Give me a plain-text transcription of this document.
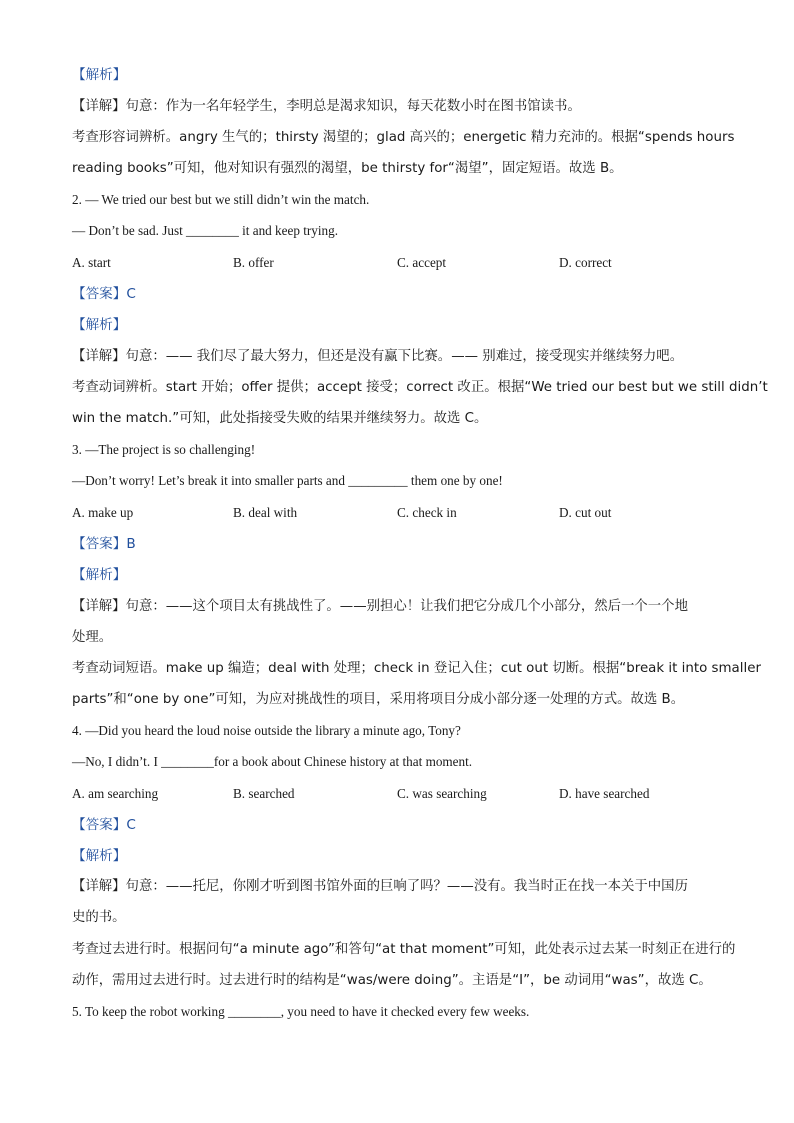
【解析】
【详解】句意：作为一名年轻学生，李明总是渴求知识，每天花数小时在图书馆读书。
考查形容词辨析。angry 生气的；thirsty 渴望的；glad 高兴的；energetic 精力充沛的。根据“spends hours
reading books”可知，他对知识有强烈的渴望，be thirsty for“渴望”，固定短语。故选 B。
2. — We tried our best but we still didn’t win the match.
— Don’t be sad. Just ________ it and keep trying.
A. start	B. offer	C. accept	D. correct
【答案】C
【解析】
【详解】句意：—— 我们尽了最大努力，但还是没有赢下比赛。—— 别难过，接受现实并继续努力吧。
考查动词辨析。start 开始；offer 提供；accept 接受；correct 改正。根据“We tried our best but we still didn’t
win the match.”可知，此处指接受失败的结果并继续努力。故选 C。
3. —The project is so challenging!
—Don’t worry! Let’s break it into smaller parts and _________ them one by one!
A. make up	B. deal with	C. check in	D. cut out
【答案】B
【解析】
【详解】句意：——这个项目太有挑战性了。——别担心！让我们把它分成几个小部分，然后一个一个地
处理。
考查动词短语。make up 编造；deal with 处理；check in 登记入住；cut out 切断。根据“break it into smaller
parts”和“one by one”可知，为应对挑战性的项目，采用将项目分成小部分逐一处理的方式。故选 B。
4. —Did you heard the loud noise outside the library a minute ago, Tony?
—No, I didn’t. I ________for a book about Chinese history at that moment.
A. am searching	B. searched	C. was searching	D. have searched
【答案】C
【解析】
【详解】句意：——托尼，你刚才听到图书馆外面的巨响了吗？——没有。我当时正在找一本关于中国历
史的书。
考查过去进行时。根据问句“a minute ago”和答句“at that moment”可知，此处表示过去某一时刻正在进行的
动作，需用过去进行时。过去进行时的结构是“was/were doing”。主语是“I”，be 动词用“was”，故选 C。
5. To keep the robot working ________, you need to have it checked every few weeks.
